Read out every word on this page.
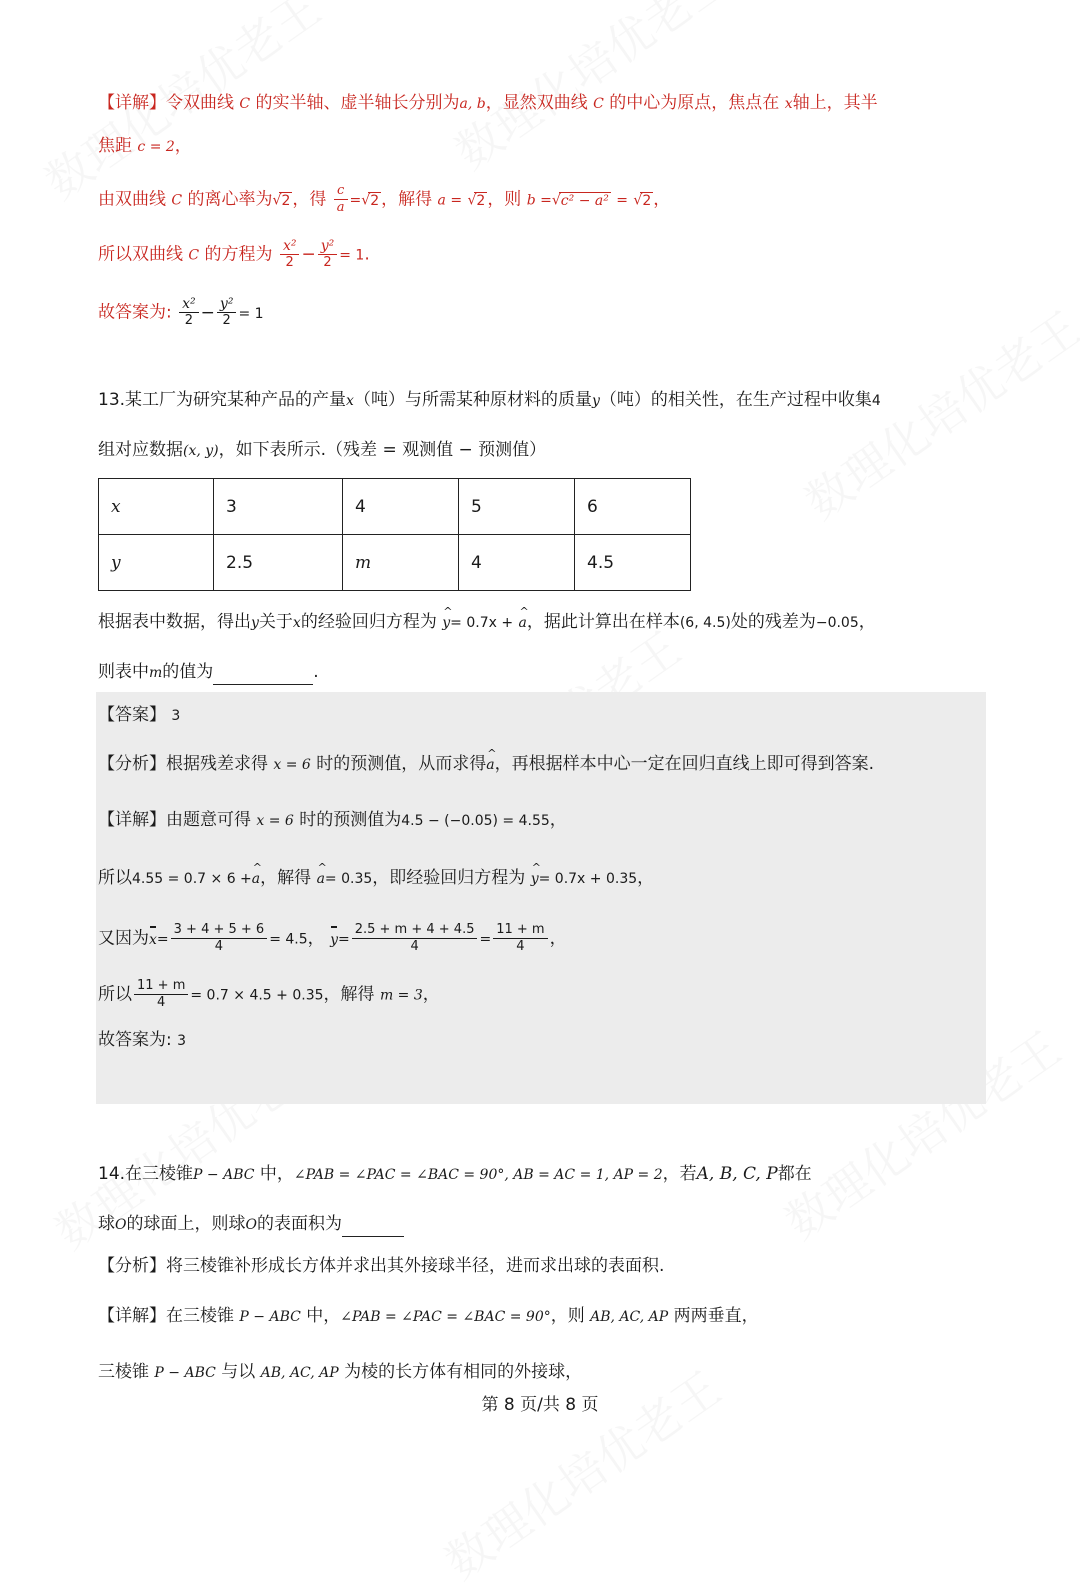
【详解】令双曲线 C 的实半轴、虚半轴长分别为a, b，显然双曲线 C 的中心为原点，焦点在 x轴上，其半
焦距 c = 2，
由双曲线 C 的离心率为√2 ，得 $\frac{c}{a} =√2$ ，解得 a = √2 ，则 b =√c² − a² = √2 ，
所以双曲线 C 的方程为 $\frac{\text{x²}}{2} - \frac{\text{y²}}{2} = 1$.
故答案为: $\frac{\text{x²}}{2} - \frac{\text{y²}}{2} = 1$
13.某工厂为研究某种产品的产量x（吨）与所需某种原材料的质量y（吨）的相关性，在生产过程中收集4
组对应数据(x, y)，如下表所示.（残差 = 观测值 − 预测值）
x	3	4	5	6
y	2.5	m	4	4.5
根据表中数据，得出y关于x的经验回归方程为 ^ y= 0.7x + ^ a，据此计算出在样本(6, 4.5)处的残差为−0.05，
则表中m的值为	.
【答案】 3
【分析】根据残差求得 x = 6 时的预测值，从而求得^ a，再根据样本中心一定在回归直线上即可得到答案.
【详解】由题意可得 x = 6 时的预测值为4.5 − (−0.05) = 4.55，
所以4.55 = 0.7 × 6 +^ a，解得 ^ a= 0.35，即经验回归方程为 ^ y= 0.7x + 0.35，
又因为$x= \frac{3 + 4 + 5 + 6}{4} = 4.5$， $y= \frac{2.5 + m + 4 + 4.5}{4} = \frac{11 + m}{4}$ ，
所以 $\frac{11 + m}{4} = 0.7 \times 4.5 + 0.35$，解得 m = 3，
故答案为: 3
14.在三棱锥P − ABC 中，∠PAB = ∠PAC = ∠BAC = 90°, AB = AC = 1, AP = 2，若A, B, C, P都在
球O的球面上，则球O的表面积为
【分析】将三棱锥补形成长方体并求出其外接球半径，进而求出球的表面积.
【详解】在三棱锥 P − ABC 中，∠PAB = ∠PAC = ∠BAC = 90°，则 AB, AC, AP 两两垂直，
三棱锥 P − ABC 与以 AB, AC, AP 为棱的长方体有相同的外接球，
第 8 页/共 8 页
